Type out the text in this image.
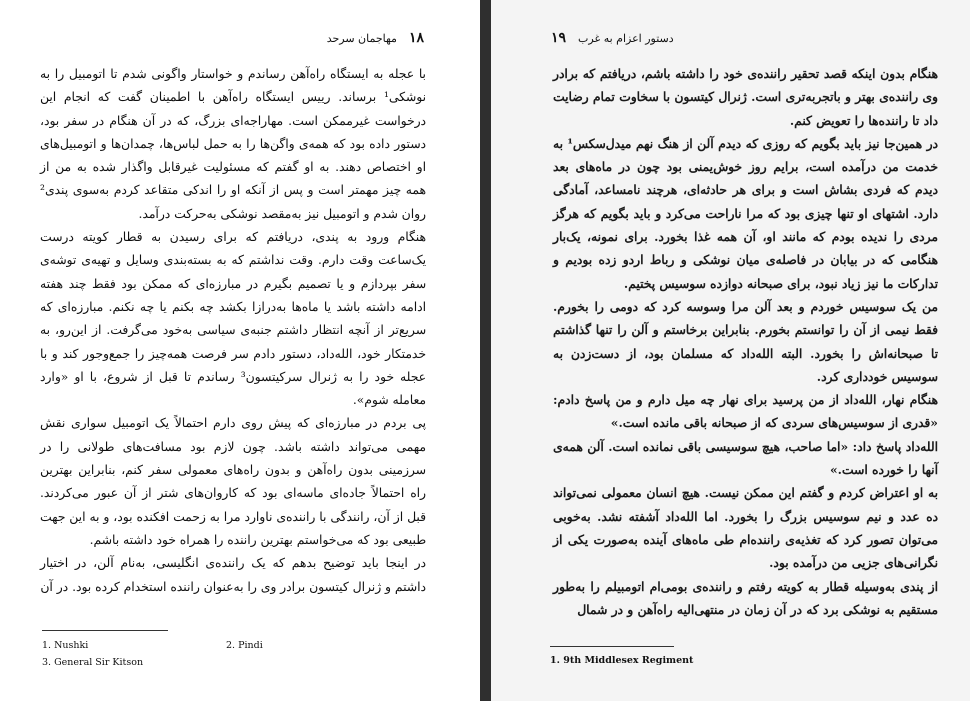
۱۸
مهاجمان سرحد

با عجله به ایستگاه راه‌آهن رساندم و خواستار واگونی شدم تا اتومبیل را به نوشکی¹ برساند. رییس ایستگاه راه‌آهن با اطمینان گفت که انجام این درخواست غیرممکن است. مهاراجه‌ای بزرگ، که در آن هنگام در سفر بود، دستور داده بود که همه‌ی واگن‌ها را به حمل لباس‌ها، چمدان‌ها و اتومبیل‌های او اختصاص دهند. به او گفتم که مسئولیت غیرقابل واگذار شده به من از همه چیز مهمتر است و پس از آنکه او را اندکی متقاعد کردم به‌سوی پندی² روان شدم و اتومبیل نیز به‌مقصد نوشکی به‌حرکت درآمد.

هنگام ورود به پندی، دریافتم که برای رسیدن به قطار کویته درست یک‌ساعت وقت دارم. وقت نداشتم که به بسته‌بندی وسایل و تهیه‌ی توشه‌ی سفر بپردازم و یا تصمیم بگیرم در مبارزه‌ای که ممکن بود فقط چند هفته ادامه داشته باشد یا ماه‌ها به‌درازا بکشد چه بکنم یا چه نکنم. مبارزه‌ای که سریع‌تر از آنچه انتظار داشتم جنبه‌ی سیاسی به‌خود می‌گرفت. از این‌رو، به خدمتکار خود، الله‌داد، دستور دادم سر فرصت همه‌چیز را جمع‌وجور کند و با عجله خود را به ژنرال سرکیتسون³ رساندم تا قبل از شروع، با او «وارد معامله شوم».

پی بردم در مبارزه‌ای که پیش روی دارم احتمالاً یک اتومبیل سواری نقش مهمی می‌تواند داشته باشد. چون لازم بود مسافت‌های طولانی را در سرزمینی بدون راه‌آهن و بدون راه‌های معمولی سفر کنم، بنابراین بهترین راه احتمالاً جاده‌ای ماسه‌ای بود که کاروان‌های شتر از آن عبور می‌کردند. قبل از آن، رانندگی با راننده‌ی ناوارد مرا به زحمت افکنده بود، و به این جهت طبیعی بود که می‌خواستم بهترین راننده را همراه خود داشته باشم.

در اینجا باید توضیح بدهم که یک راننده‌ی انگلیسی، به‌نام آلن، در اختیار داشتم و ژنرال کیتسون برادر وی را به‌عنوان راننده استخدام کرده بود. در آن

1. Nushki	2. Pindi
3. General Sir Kitson
۱۹ دستور اعزام به غرب

هنگام بدون اینکه قصد تحقیر راننده‌ی خود را داشته باشم، دریافتم که برادر وی راننده‌ی بهتر و باتجربه‌تری است. ژنرال کیتسون با سخاوت تمام رضایت داد تا راننده‌ها را تعویض کنم.

در همین‌جا نیز باید بگویم که روزی که دیدم آلن از هنگ نهم میدل‌سکس¹ به خدمت من درآمده است، برایم روز خوش‌یمنی بود چون در ماه‌های بعد دیدم که فردی بشاش است و برای هر حادثه‌ای، هرچند نامساعد، آمادگی دارد. اشتهای او تنها چیزی بود که مرا ناراحت می‌کرد و باید بگویم که هرگز مردی را ندیده بودم که مانند او، آن همه غذا بخورد. برای نمونه، یک‌بار هنگامی که در بیابان در فاصله‌ی میان نوشکی و رباط اردو زده بودیم و تدارکات ما نیز زیاد نبود، برای صبحانه دوازده سوسیس پختیم.

من یک سوسیس خوردم و بعد آلن مرا وسوسه کرد که دومی را بخورم. فقط نیمی از آن را توانستم بخورم. بنابراین برخاستم و آلن را تنها گذاشتم تا صبحانه‌اش را بخورد. البته الله‌داد که مسلمان بود، از دست‌زدن به سوسیس خودداری کرد.

هنگام نهار، الله‌داد از من پرسید برای نهار چه میل دارم و من پاسخ دادم: «قدری از سوسیس‌های سردی که از صبحانه باقی مانده است.»

الله‌داد پاسخ داد: «اما صاحب، هیچ سوسیسی باقی نمانده است. آلن همه‌ی آنها را خورده است.»

به او اعتراض کردم و گفتم این ممکن نیست. هیچ انسان معمولی نمی‌تواند ده عدد و نیم سوسیس بزرگ را بخورد. اما الله‌داد آشفته نشد. به‌خوبی می‌توان تصور کرد که تغذیه‌ی راننده‌ام طی ماه‌های آینده به‌صورت یکی از نگرانی‌های جزیی من درآمده بود.

از پندی به‌وسیله قطار به کویته رفتم و راننده‌ی بومی‌ام اتومبیلم را به‌طور مستقیم به نوشکی برد که در آن زمان در منتهی‌الیه راه‌آهن و در شمال

1. 9th Middlesex Regiment
